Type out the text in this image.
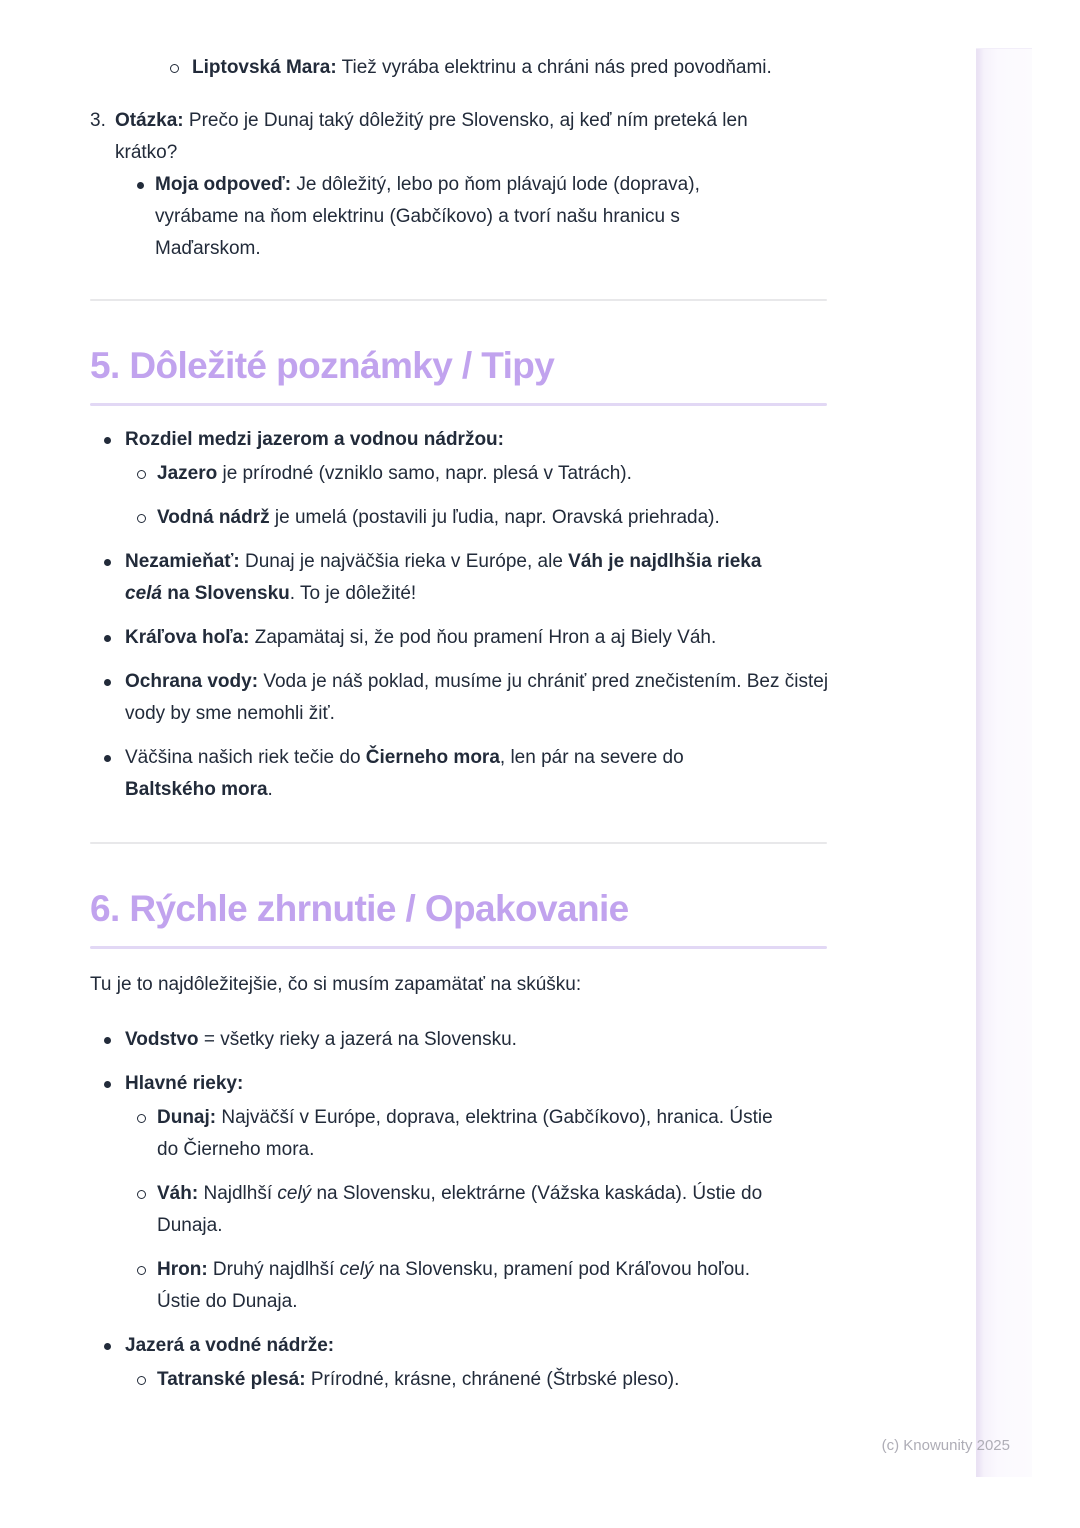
Liptovská Mara: Tiež vyrába elektrinu a chráni nás pred povodňami.
3. Otázka: Prečo je Dunaj taký dôležitý pre Slovensko, aj keď ním preteká len krátko?
Moja odpoveď: Je dôležitý, lebo po ňom plávajú lode (doprava), vyrábame na ňom elektrinu (Gabčíkovo) a tvorí našu hranicu s Maďarskom.
5. Dôležité poznámky / Tipy
Rozdiel medzi jazerom a vodnou nádržou:
Jazero je prírodné (vzniklo samo, napr. plesá v Tatrách).
Vodná nádrž je umelá (postavili ju ľudia, napr. Oravská priehrada).
Nezamieňať: Dunaj je najväčšia rieka v Európe, ale Váh je najdlhšia rieka celá na Slovensku. To je dôležité!
Kráľova hoľa: Zapamätaj si, že pod ňou pramení Hron a aj Biely Váh.
Ochrana vody: Voda je náš poklad, musíme ju chrániť pred znečistením. Bez čistej vody by sme nemohli žiť.
Väčšina našich riek tečie do Čierneho mora, len pár na severe do Baltského mora.
6. Rýchle zhrnutie / Opakovanie

Tu je to najdôležitejšie, čo si musím zapamätať na skúšku:

Vodstvo = všetky rieky a jazerá na Slovensku.
Hlavné rieky:
Dunaj: Najväčší v Európe, doprava, elektrina (Gabčíkovo), hranica. Ústie do Čierneho mora.
Váh: Najdlhší celý na Slovensku, elektrárne (Vážska kaskáda). Ústie do Dunaja.
Hron: Druhý najdlhší celý na Slovensku, pramení pod Kráľovou hoľou. Ústie do Dunaja.
Jazerá a vodné nádrže:
Tatranské plesá: Prírodné, krásne, chránené (Štrbské pleso).
(c) Knowunity 2025
